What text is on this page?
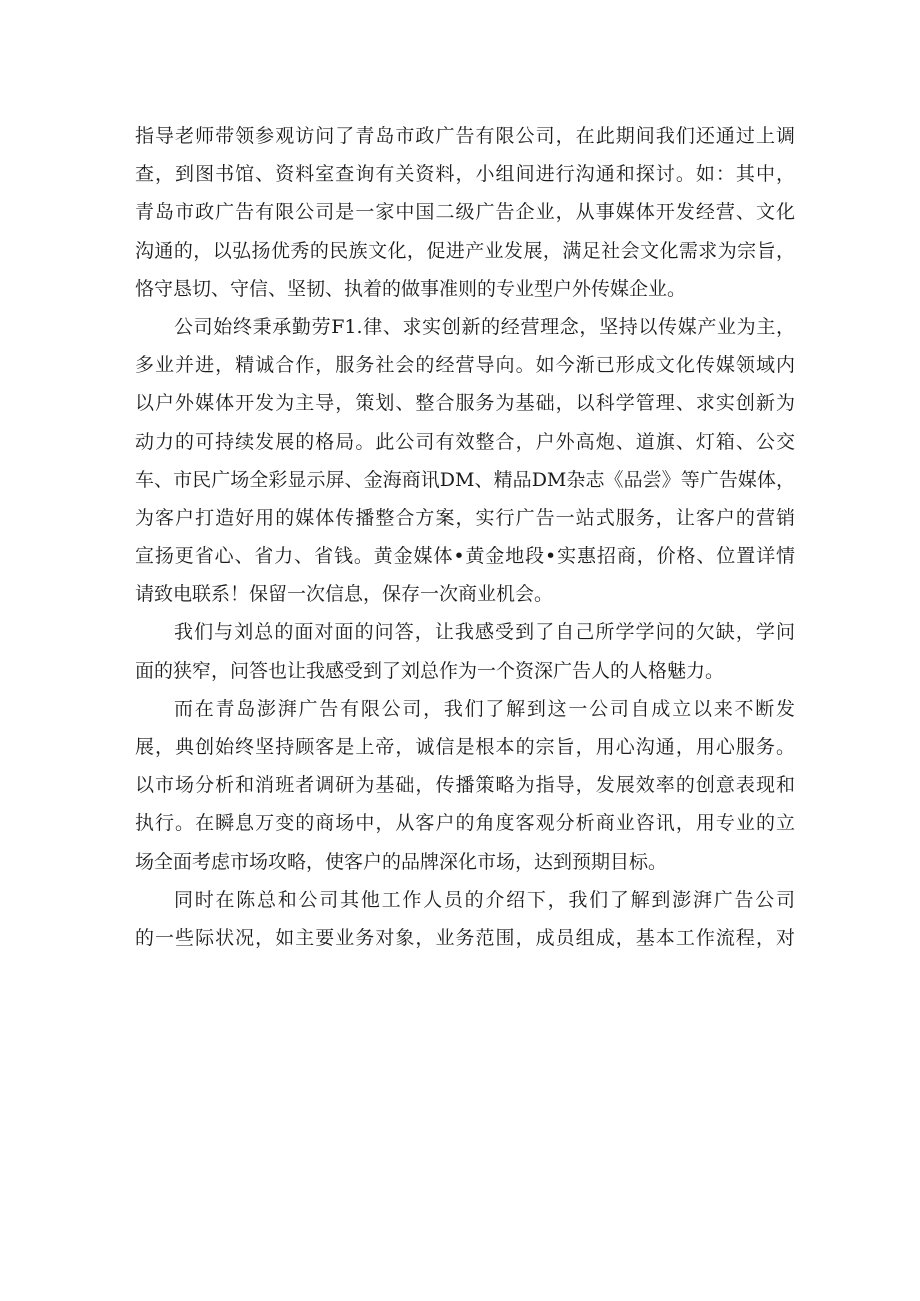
指导老师带领参观访问了青岛市政广告有限公司，在此期间我们还通过上调
查，到图书馆、资料室查询有关资料，小组间进行沟通和探讨。如：其中，
青岛市政广告有限公司是一家中国二级广告企业，从事媒体开发经营、文化
沟通的，以弘扬优秀的民族文化，促进产业发展，满足社会文化需求为宗旨，
恪守恳切、守信、坚韧、执着的做事准则的专业型户外传媒企业。
公司始终秉承勤劳F1.律、求实创新的经营理念，坚持以传媒产业为主，
多业并进，精诚合作，服务社会的经营导向。如今渐已形成文化传媒领域内
以户外媒体开发为主导，策划、整合服务为基础，以科学管理、求实创新为
动力的可持续发展的格局。此公司有效整合，户外高炮、道旗、灯箱、公交
车、市民广场全彩显示屏、金海商讯DM、精品DM杂志《品尝》等广告媒体，
为客户打造好用的媒体传播整合方案，实行广告一站式服务，让客户的营销
宣扬更省心、省力、省钱。黄金媒体•黄金地段•实惠招商，价格、位置详情
请致电联系！保留一次信息，保存一次商业机会。
我们与刘总的面对面的问答，让我感受到了自己所学学问的欠缺，学问
面的狭窄，问答也让我感受到了刘总作为一个资深广告人的人格魅力。
而在青岛澎湃广告有限公司，我们了解到这一公司自成立以来不断发
展，典创始终坚持顾客是上帝，诚信是根本的宗旨，用心沟通，用心服务。
以市场分析和消班者调研为基础，传播策略为指导，发展效率的创意表现和
执行。在瞬息万变的商场中，从客户的角度客观分析商业咨讯，用专业的立
场全面考虑市场攻略，使客户的品牌深化市场，达到预期目标。
同时在陈总和公司其他工作人员的介绍下，我们了解到澎湃广告公司
的一些际状况，如主要业务对象，业务范围，成员组成，基本工作流程，对
